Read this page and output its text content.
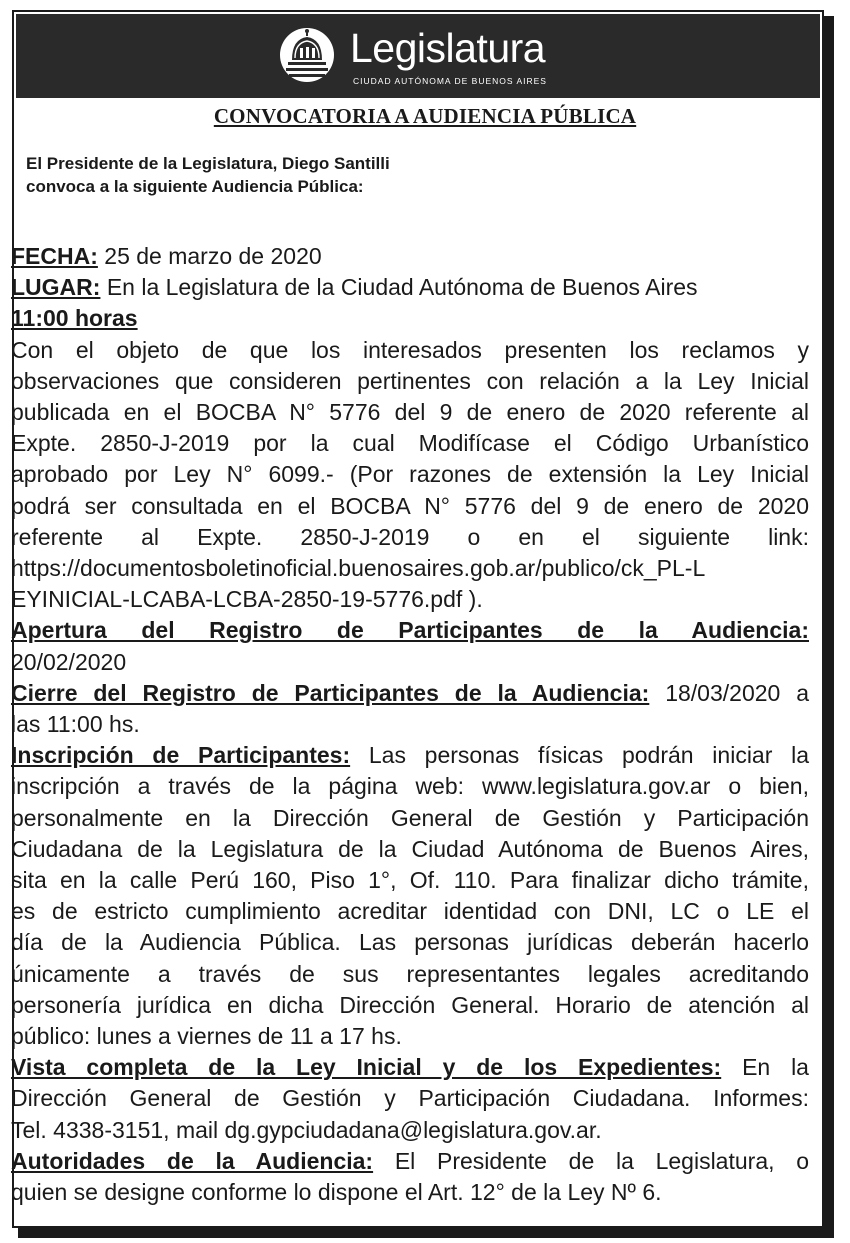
Legislatura
CIUDAD AUTÓNOMA DE BUENOS AIRES
CONVOCATORIA A AUDIENCIA PÚBLICA
El Presidente de la Legislatura, Diego Santilli
convoca a la siguiente Audiencia Pública:
FECHA: 25 de marzo de 2020
LUGAR: En la Legislatura de la Ciudad Autónoma de Buenos Aires
11:00 horas
Con el objeto de que los interesados presenten los reclamos y
observaciones que consideren pertinentes con relación a la Ley Inicial
publicada en el BOCBA N° 5776 del 9 de enero de 2020 referente al
Expte. 2850-J-2019 por la cual Modifícase el Código Urbanístico
aprobado por Ley N° 6099.- (Por razones de extensión la Ley Inicial
podrá ser consultada en el BOCBA N° 5776 del 9 de enero de 2020
referente al Expte. 2850-J-2019 o en el siguiente link:
https://documentosboletinoficial.buenosaires.gob.ar/publico/ck_PL-L
EYINICIAL-LCABA-LCBA-2850-19-5776.pdf ).
Apertura del Registro de Participantes de la Audiencia:
20/02/2020
Cierre del Registro de Participantes de la Audiencia: 18/03/2020 a
las 11:00 hs.
Inscripción de Participantes: Las personas físicas podrán iniciar la
inscripción a través de la página web: www.legislatura.gov.ar o bien,
personalmente en la Dirección General de Gestión y Participación
Ciudadana de la Legislatura de la Ciudad Autónoma de Buenos Aires,
sita en la calle Perú 160, Piso 1°, Of. 110. Para finalizar dicho trámite,
es de estricto cumplimiento acreditar identidad con DNI, LC o LE el
día de la Audiencia Pública. Las personas jurídicas deberán hacerlo
únicamente a través de sus representantes legales acreditando
personería jurídica en dicha Dirección General. Horario de atención al
público: lunes a viernes de 11 a 17 hs.
Vista completa de la Ley Inicial y de los Expedientes: En la
Dirección General de Gestión y Participación Ciudadana. Informes:
Tel. 4338-3151, mail dg.gypciudadana@legislatura.gov.ar.
Autoridades de la Audiencia: El Presidente de la Legislatura, o
quien se designe conforme lo dispone el Art. 12° de la Ley Nº 6.
